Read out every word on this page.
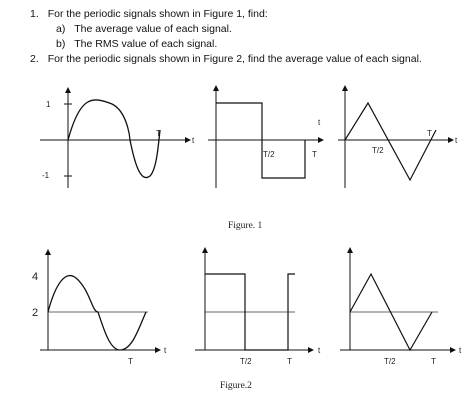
1. For the periodic signals shown in Figure 1, find:
a) The average value of each signal.
b) The RMS value of each signal.
2. For the periodic signals shown in Figure 2, find the average value of each signal.
1
-1
T
t
T/2	T
t
T/2
T
t
Figure. 1
4
2
T
t
T/2	T
t
T/2	T
t
Figure.2
